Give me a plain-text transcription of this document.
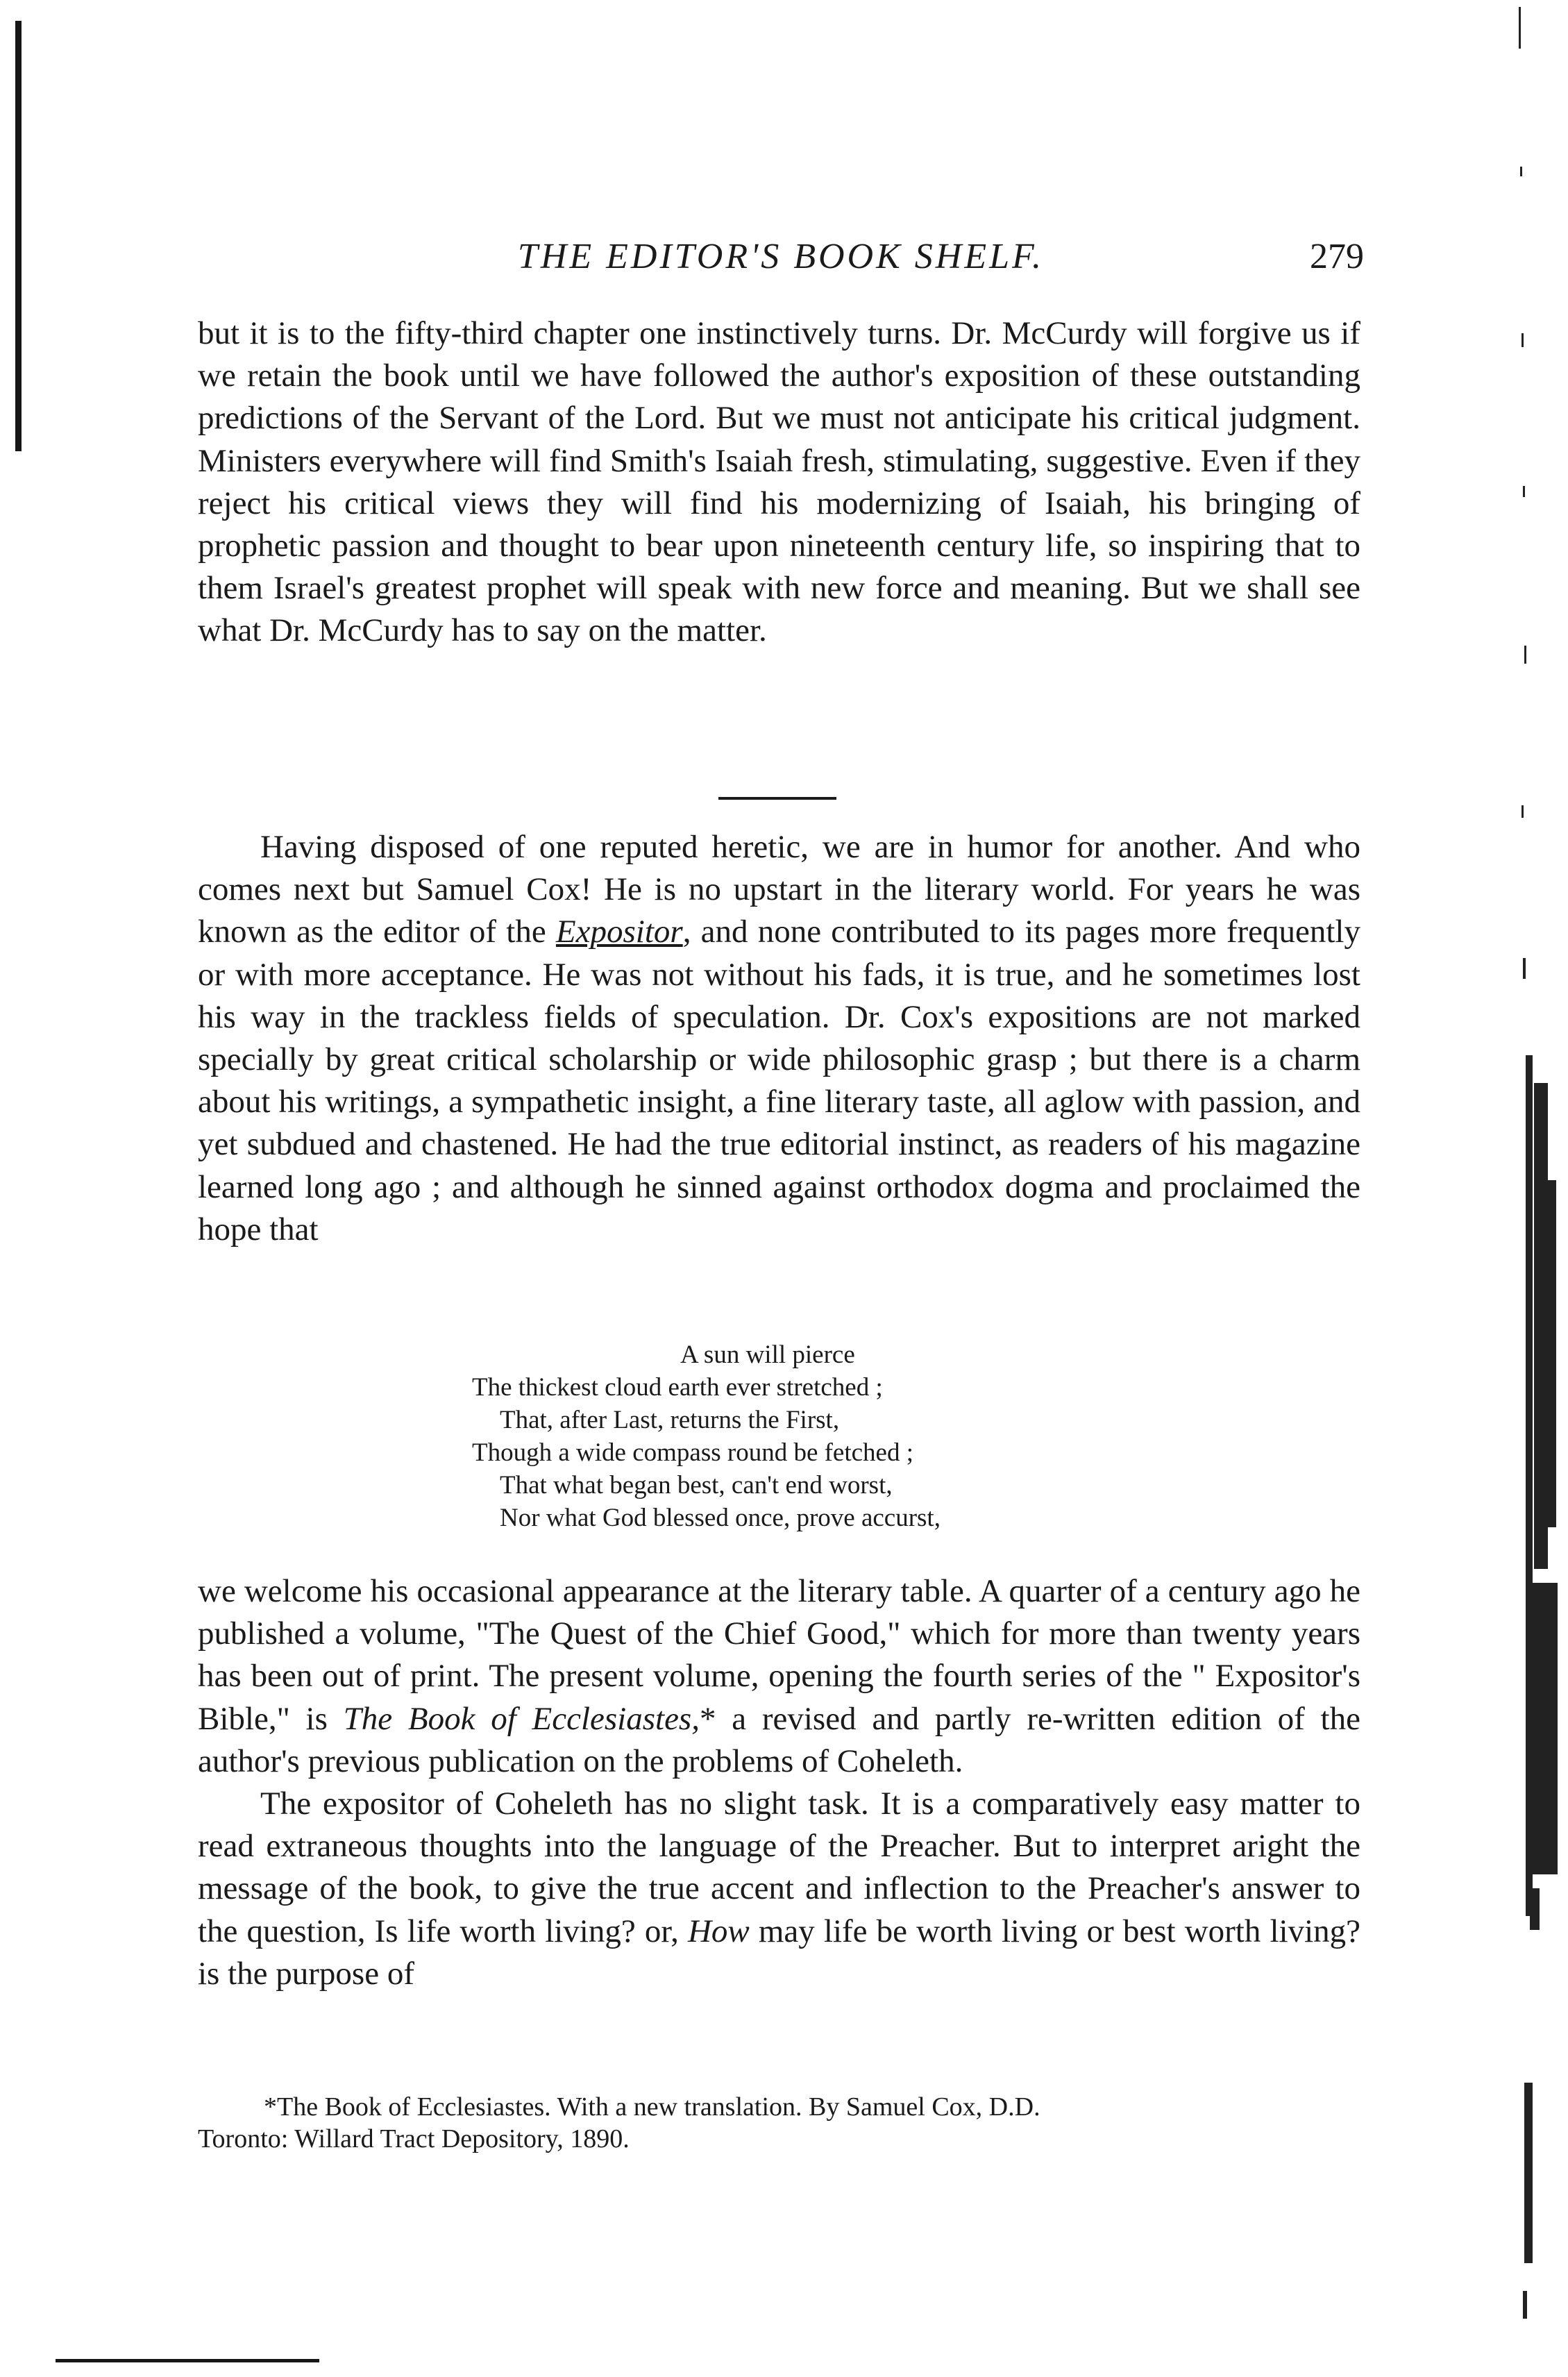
THE EDITOR'S BOOK SHELF.	279

but it is to the fifty-third chapter one instinctively turns. Dr. McCurdy will forgive us if we retain the book until we have followed the author's exposition of these outstanding predictions of the Servant of the Lord. But we must not anticipate his critical judgment. Ministers everywhere will find Smith's Isaiah fresh, stimulating, suggestive. Even if they reject his critical views they will find his modernizing of Isaiah, his bringing of prophetic passion and thought to bear upon nineteenth century life, so inspiring that to them Israel's greatest prophet will speak with new force and meaning. But we shall see what Dr. McCurdy has to say on the matter.

Having disposed of one reputed heretic, we are in humor for another. And who comes next but Samuel Cox! He is no upstart in the literary world. For years he was known as the editor of the Expositor, and none contributed to its pages more frequently or with more acceptance. He was not without his fads, it is true, and he sometimes lost his way in the trackless fields of speculation. Dr. Cox's expositions are not marked specially by great critical scholarship or wide philosophic grasp ; but there is a charm about his writings, a sympathetic insight, a fine literary taste, all aglow with passion, and yet subdued and chastened. He had the true editorial instinct, as readers of his magazine learned long ago ; and although he sinned against orthodox dogma and proclaimed the hope that

A sun will pierce
The thickest cloud earth ever stretched ;
That, after Last, returns the First,
Though a wide compass round be fetched ;
That what began best, can't end worst,
Nor what God blessed once, prove accurst,

we welcome his occasional appearance at the literary table. A quarter of a century ago he published a volume, "The Quest of the Chief Good," which for more than twenty years has been out of print. The present volume, opening the fourth series of the " Expositor's Bible," is The Book of Ecclesiastes,* a revised and partly re-written edition of the author's previous publication on the problems of Coheleth.

The expositor of Coheleth has no slight task. It is a comparatively easy matter to read extraneous thoughts into the language of the Preacher. But to interpret aright the message of the book, to give the true accent and inflection to the Preacher's answer to the question, Is life worth living? or, How may life be worth living or best worth living? is the purpose of

*The Book of Ecclesiastes. With a new translation. By Samuel Cox, D.D.
Toronto: Willard Tract Depository, 1890.
